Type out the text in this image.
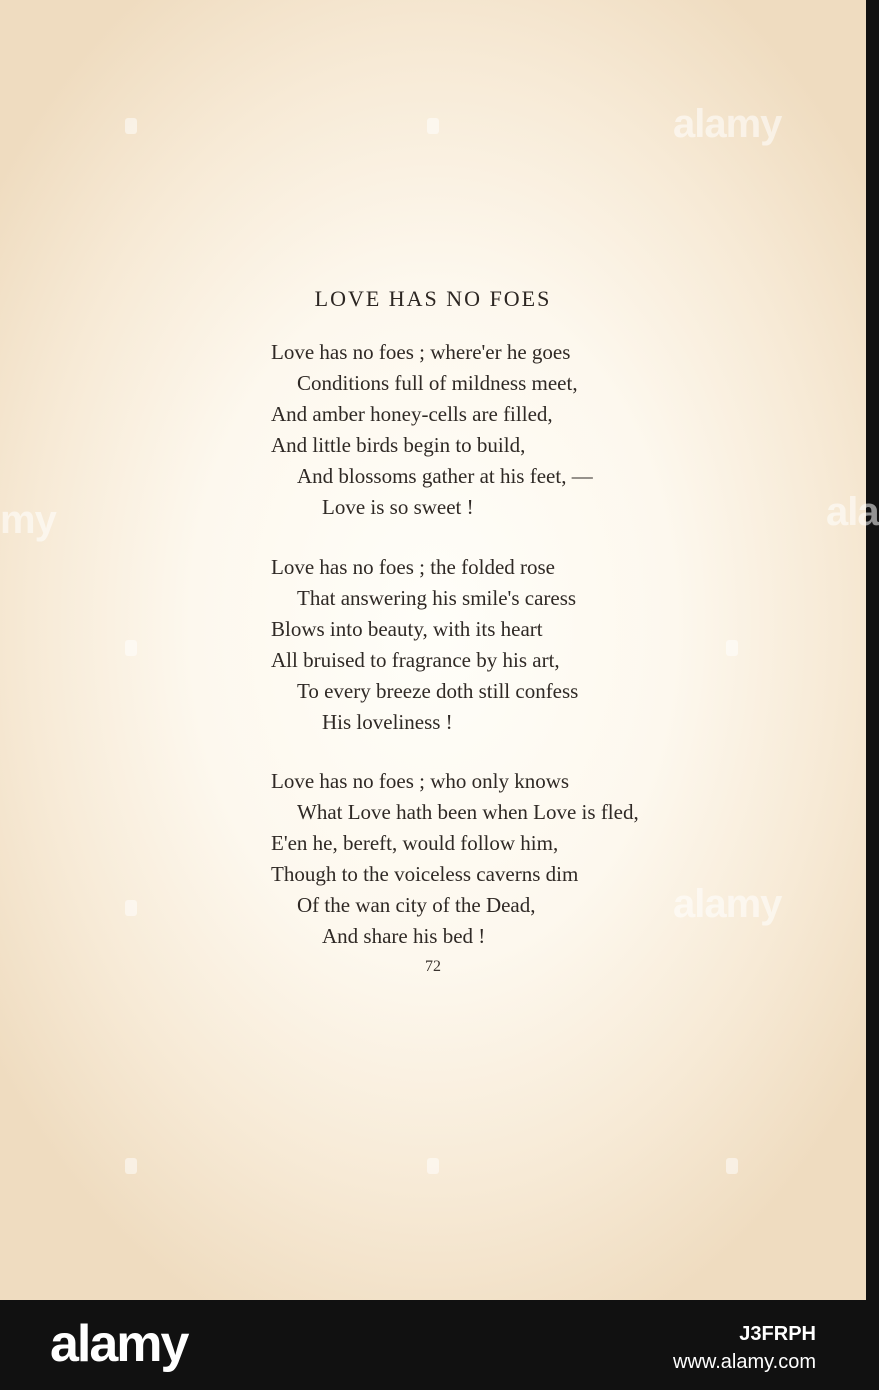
alamy
my	ala
alamy
LOVE HAS NO FOES
Love has no foes ; where'er he goes
Conditions full of mildness meet,
And amber honey-cells are filled,
And little birds begin to build,
And blossoms gather at his feet, —
Love is so sweet !
Love has no foes ; the folded rose
That answering his smile's caress
Blows into beauty, with its heart
All bruised to fragrance by his art,
To every breeze doth still confess
His loveliness !
Love has no foes ; who only knows
What Love hath been when Love is fled,
E'en he, bereft, would follow him,
Though to the voiceless caverns dim
Of the wan city of the Dead,
And share his bed !
72
alamy	J3FRPH
www.alamy.com
